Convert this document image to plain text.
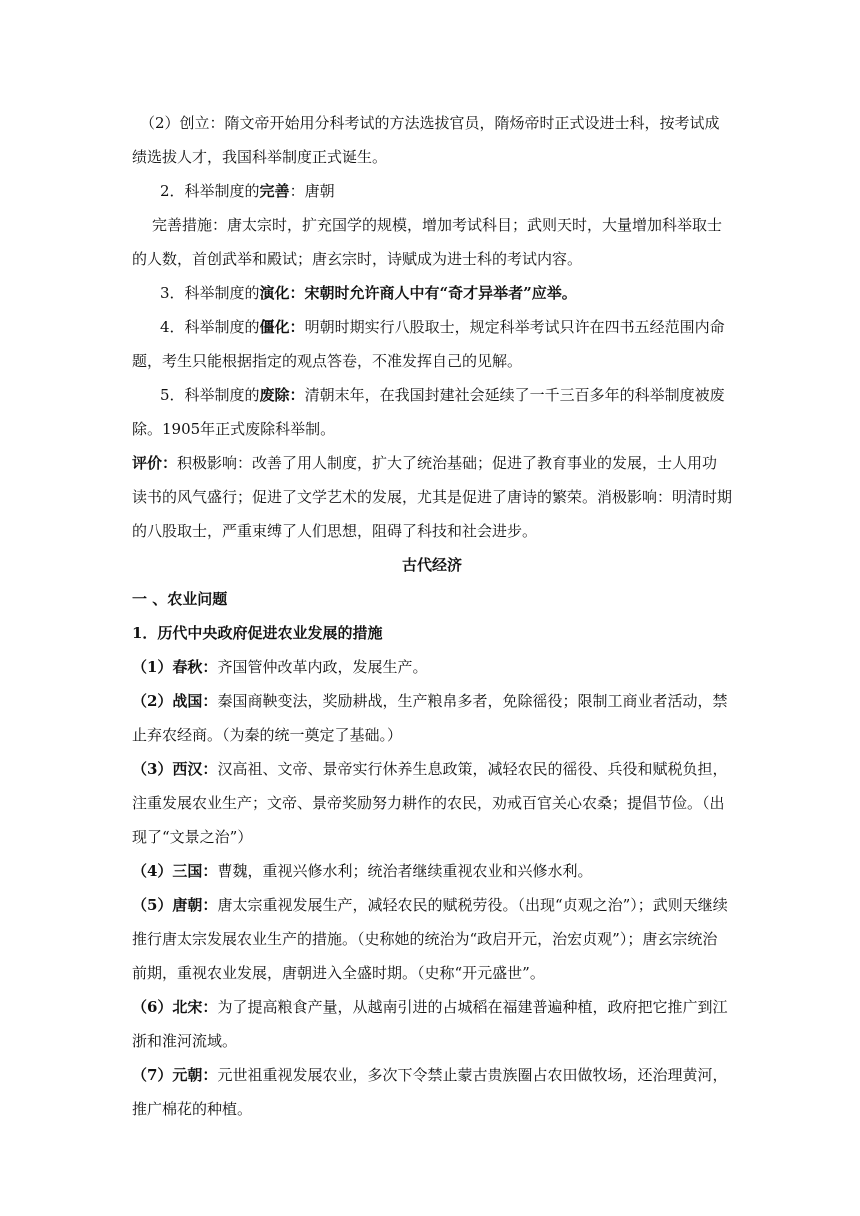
（2）创立：隋文帝开始用分科考试的方法选拔官员，隋炀帝时正式设进士科，按考试成绩选拔人才，我国科举制度正式诞生。

2．科举制度的完善：唐朝

完善措施：唐太宗时，扩充国学的规模，增加考试科目；武则天时，大量增加科举取士的人数，首创武举和殿试；唐玄宗时，诗赋成为进士科的考试内容。

3．科举制度的演化：宋朝时允许商人中有“奇才异举者”应举。

4．科举制度的僵化：明朝时期实行八股取士，规定科举考试只许在四书五经范围内命题，考生只能根据指定的观点答卷，不准发挥自己的见解。

5．科举制度的废除：清朝末年，在我国封建社会延续了一千三百多年的科举制度被废除。1905年正式废除科举制。

评价：积极影响：改善了用人制度，扩大了统治基础；促进了教育事业的发展，士人用功读书的风气盛行；促进了文学艺术的发展，尤其是促进了唐诗的繁荣。消极影响：明清时期的八股取士，严重束缚了人们思想，阻碍了科技和社会进步。

古代经济

一 、农业问题

1．历代中央政府促进农业发展的措施

（1）春秋：齐国管仲改革内政，发展生产。

（2）战国：秦国商鞅变法，奖励耕战，生产粮帛多者，免除徭役；限制工商业者活动，禁止弃农经商。（为秦的统一奠定了基础。）

（3）西汉：汉高祖、文帝、景帝实行休养生息政策，减轻农民的徭役、兵役和赋税负担，注重发展农业生产；文帝、景帝奖励努力耕作的农民，劝戒百官关心农桑；提倡节俭。（出现了“文景之治”）

（4）三国：曹魏，重视兴修水利；统治者继续重视农业和兴修水利。

（5）唐朝：唐太宗重视发展生产，减轻农民的赋税劳役。（出现“贞观之治”）；武则天继续推行唐太宗发展农业生产的措施。（史称她的统治为“政启开元，治宏贞观”）；唐玄宗统治前期，重视农业发展，唐朝进入全盛时期。（史称“开元盛世”。

（6）北宋：为了提高粮食产量，从越南引进的占城稻在福建普遍种植，政府把它推广到江浙和淮河流域。

（7）元朝：元世祖重视发展农业，多次下令禁止蒙古贵族圈占农田做牧场，还治理黄河，推广棉花的种植。
